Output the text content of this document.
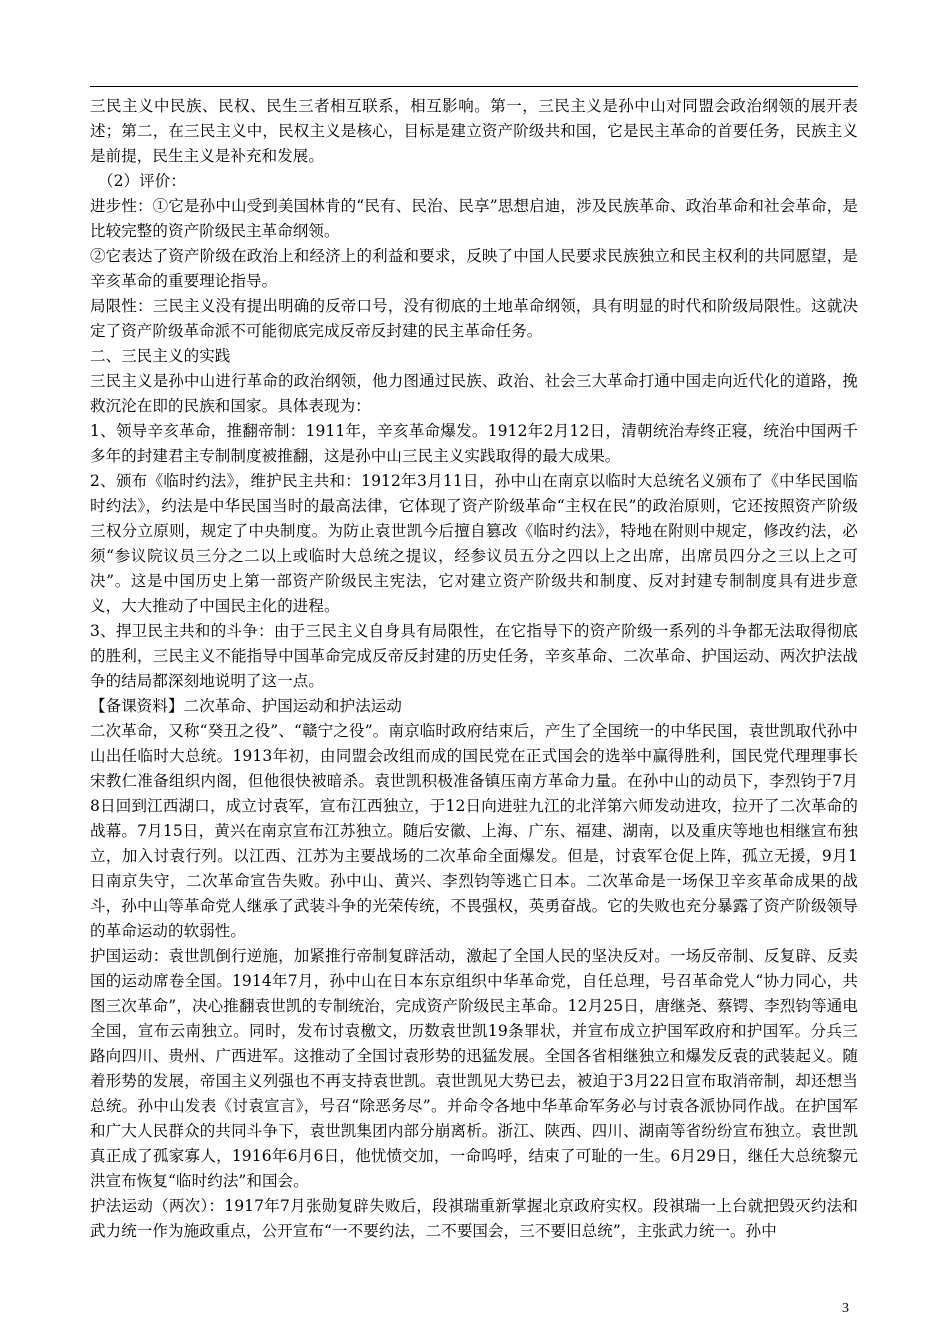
三民主义中民族、民权、民生三者相互联系，相互影响。第一，三民主义是孙中山对同盟会政治纲领的展开表述；第二，在三民主义中，民权主义是核心，目标是建立资产阶级共和国，它是民主革命的首要任务，民族主义是前提，民生主义是补充和发展。

（2）评价：

进步性：①它是孙中山受到美国林肯的“民有、民治、民享”思想启迪，涉及民族革命、政治革命和社会革命，是比较完整的资产阶级民主革命纲领。

②它表达了资产阶级在政治上和经济上的利益和要求，反映了中国人民要求民族独立和民主权利的共同愿望，是辛亥革命的重要理论指导。

局限性：三民主义没有提出明确的反帝口号，没有彻底的土地革命纲领，具有明显的时代和阶级局限性。这就决定了资产阶级革命派不可能彻底完成反帝反封建的民主革命任务。

二、三民主义的实践

三民主义是孙中山进行革命的政治纲领，他力图通过民族、政治、社会三大革命打通中国走向近代化的道路，挽救沉沦在即的民族和国家。具体表现为：

1、领导辛亥革命，推翻帝制：1911年，辛亥革命爆发。1912年2月12日，清朝统治寿终正寝，统治中国两千多年的封建君主专制制度被推翻，这是孙中山三民主义实践取得的最大成果。

2、颁布《临时约法》，维护民主共和：1912年3月11日，孙中山在南京以临时大总统名义颁布了《中华民国临时约法》，约法是中华民国当时的最高法律，它体现了资产阶级革命“主权在民”的政治原则，它还按照资产阶级三权分立原则，规定了中央制度。为防止袁世凯今后擅自篡改《临时约法》，特地在附则中规定，修改约法，必须“参议院议员三分之二以上或临时大总统之提议，经参议员五分之四以上之出席，出席员四分之三以上之可决”。这是中国历史上第一部资产阶级民主宪法，它对建立资产阶级共和制度、反对封建专制制度具有进步意义，大大推动了中国民主化的进程。

3、捍卫民主共和的斗争：由于三民主义自身具有局限性，在它指导下的资产阶级一系列的斗争都无法取得彻底的胜利，三民主义不能指导中国革命完成反帝反封建的历史任务，辛亥革命、二次革命、护国运动、两次护法战争的结局都深刻地说明了这一点。

【备课资料】二次革命、护国运动和护法运动

二次革命，又称“癸丑之役”、“赣宁之役”。南京临时政府结束后，产生了全国统一的中华民国，袁世凯取代孙中山出任临时大总统。1913年初，由同盟会改组而成的国民党在正式国会的选举中赢得胜利，国民党代理理事长宋教仁准备组织内阁，但他很快被暗杀。袁世凯积极准备镇压南方革命力量。在孙中山的动员下，李烈钧于7月8日回到江西湖口，成立讨袁军，宣布江西独立，于12日向进驻九江的北洋第六师发动进攻，拉开了二次革命的战幕。7月15日，黄兴在南京宣布江苏独立。随后安徽、上海、广东、福建、湖南，以及重庆等地也相继宣布独立，加入讨袁行列。以江西、江苏为主要战场的二次革命全面爆发。但是，讨袁军仓促上阵，孤立无援，9月1日南京失守，二次革命宣告失败。孙中山、黄兴、李烈钧等逃亡日本。二次革命是一场保卫辛亥革命成果的战斗，孙中山等革命党人继承了武装斗争的光荣传统，不畏强权，英勇奋战。它的失败也充分暴露了资产阶级领导的革命运动的软弱性。

护国运动：袁世凯倒行逆施，加紧推行帝制复辟活动，激起了全国人民的坚决反对。一场反帝制、反复辟、反卖国的运动席卷全国。1914年7月，孙中山在日本东京组织中华革命党，自任总理，号召革命党人“协力同心，共图三次革命”，决心推翻袁世凯的专制统治，完成资产阶级民主革命。12月25日，唐继尧、蔡锷、李烈钧等通电全国，宣布云南独立。同时，发布讨袁檄文，历数袁世凯19条罪状，并宣布成立护国军政府和护国军。分兵三路向四川、贵州、广西进军。这推动了全国讨袁形势的迅猛发展。全国各省相继独立和爆发反袁的武装起义。随着形势的发展，帝国主义列强也不再支持袁世凯。袁世凯见大势已去，被迫于3月22日宣布取消帝制，却还想当总统。孙中山发表《讨袁宣言》，号召“除恶务尽”。并命令各地中华革命军务必与讨袁各派协同作战。在护国军和广大人民群众的共同斗争下，袁世凯集团内部分崩离析。浙江、陕西、四川、湖南等省纷纷宣布独立。袁世凯真正成了孤家寡人，1916年6月6日，他忧愤交加，一命呜呼，结束了可耻的一生。6月29日，继任大总统黎元洪宣布恢复“临时约法”和国会。

护法运动（两次）：1917年7月张勋复辟失败后，段祺瑞重新掌握北京政府实权。段祺瑞一上台就把毁灭约法和武力统一作为施政重点，公开宣布“一不要约法，二不要国会，三不要旧总统”，主张武力统一。孙中

3
